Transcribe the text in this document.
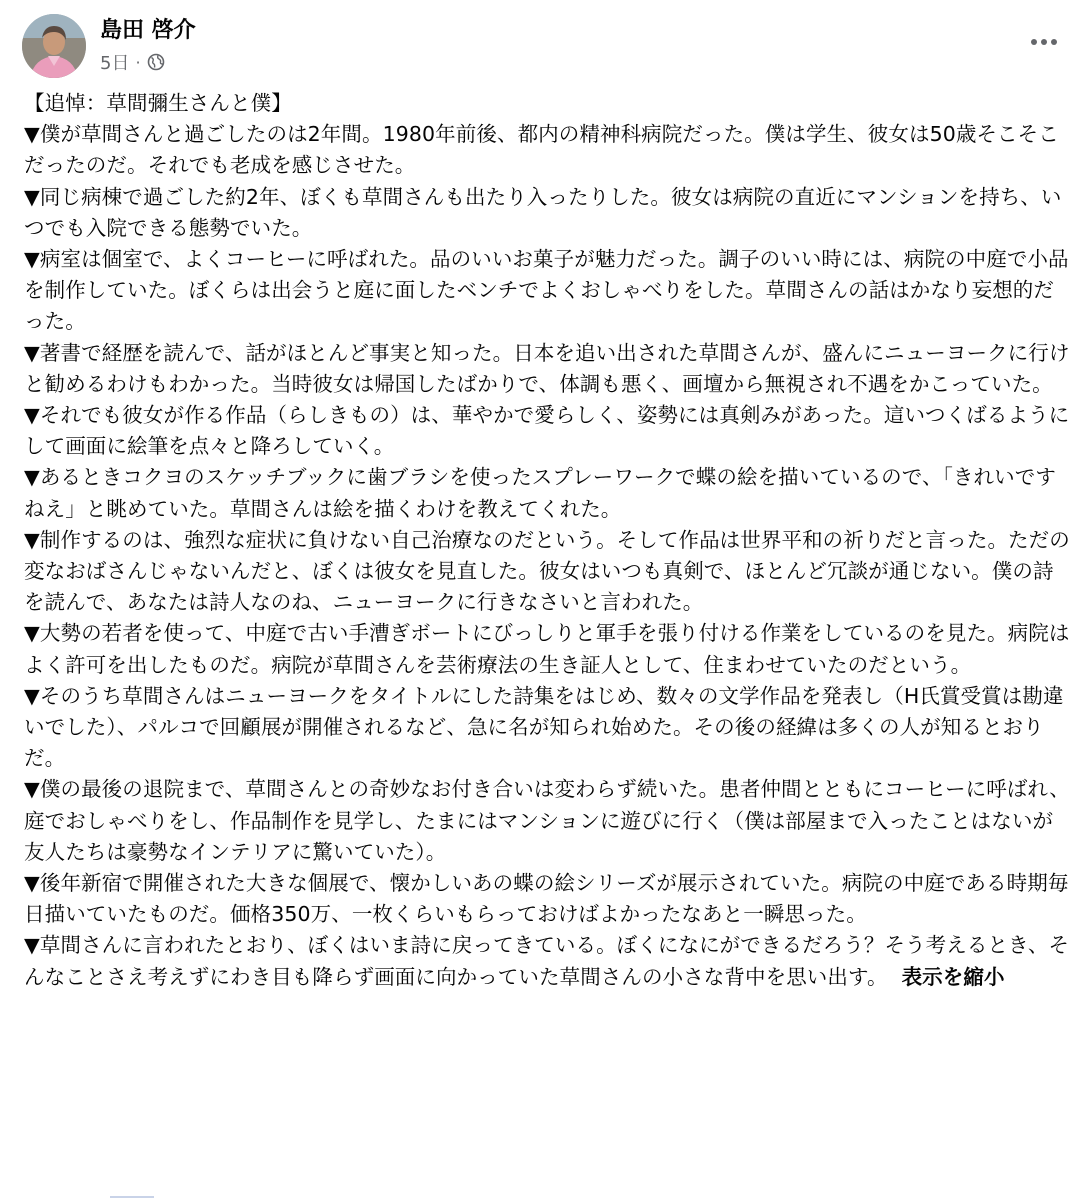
島田 啓介
5日 ·

【追悼：草間彌生さんと僕】

▼僕が草間さんと過ごしたのは2年間。1980年前後、都内の精神科病院だった。僕は学生、彼女は50歳そこそこだったのだ。それでも老成を感じさせた。

▼同じ病棟で過ごした約2年、ぼくも草間さんも出たり入ったりした。彼女は病院の直近にマンションを持ち、いつでも入院できる態勢でいた。

▼病室は個室で、よくコーヒーに呼ばれた。品のいいお菓子が魅力だった。調子のいい時には、病院の中庭で小品を制作していた。ぼくらは出会うと庭に面したベンチでよくおしゃべりをした。草間さんの話はかなり妄想的だった。

▼著書で経歴を読んで、話がほとんど事実と知った。日本を追い出された草間さんが、盛んにニューヨークに行けと勧めるわけもわかった。当時彼女は帰国したばかりで、体調も悪く、画壇から無視され不遇をかこっていた。

▼それでも彼女が作る作品（らしきもの）は、華やかで愛らしく、姿勢には真剣みがあった。這いつくばるようにして画面に絵筆を点々と降ろしていく。

▼あるときコクヨのスケッチブックに歯ブラシを使ったスプレーワークで蝶の絵を描いているので、「きれいですねえ」と眺めていた。草間さんは絵を描くわけを教えてくれた。

▼制作するのは、強烈な症状に負けない自己治療なのだという。そして作品は世界平和の祈りだと言った。ただの変なおばさんじゃないんだと、ぼくは彼女を見直した。彼女はいつも真剣で、ほとんど冗談が通じない。僕の詩を読んで、あなたは詩人なのね、ニューヨークに行きなさいと言われた。

▼大勢の若者を使って、中庭で古い手漕ぎボートにびっしりと軍手を張り付ける作業をしているのを見た。病院はよく許可を出したものだ。病院が草間さんを芸術療法の生き証人として、住まわせていたのだという。

▼そのうち草間さんはニューヨークをタイトルにした詩集をはじめ、数々の文学作品を発表し（H氏賞受賞は勘違いでした）、パルコで回顧展が開催されるなど、急に名が知られ始めた。その後の経緯は多くの人が知るとおりだ。

▼僕の最後の退院まで、草間さんとの奇妙なお付き合いは変わらず続いた。患者仲間とともにコーヒーに呼ばれ、庭でおしゃべりをし、作品制作を見学し、たまにはマンションに遊びに行く（僕は部屋まで入ったことはないが友人たちは豪勢なインテリアに驚いていた）。

▼後年新宿で開催された大きな個展で、懐かしいあの蝶の絵シリーズが展示されていた。病院の中庭である時期毎日描いていたものだ。価格350万、一枚くらいもらっておけばよかったなあと一瞬思った。

▼草間さんに言われたとおり、ぼくはいま詩に戻ってきている。ぼくになにができるだろう？そう考えるとき、そんなことさえ考えずにわき目も降らず画面に向かっていた草間さんの小さな背中を思い出す。 表示を縮小
